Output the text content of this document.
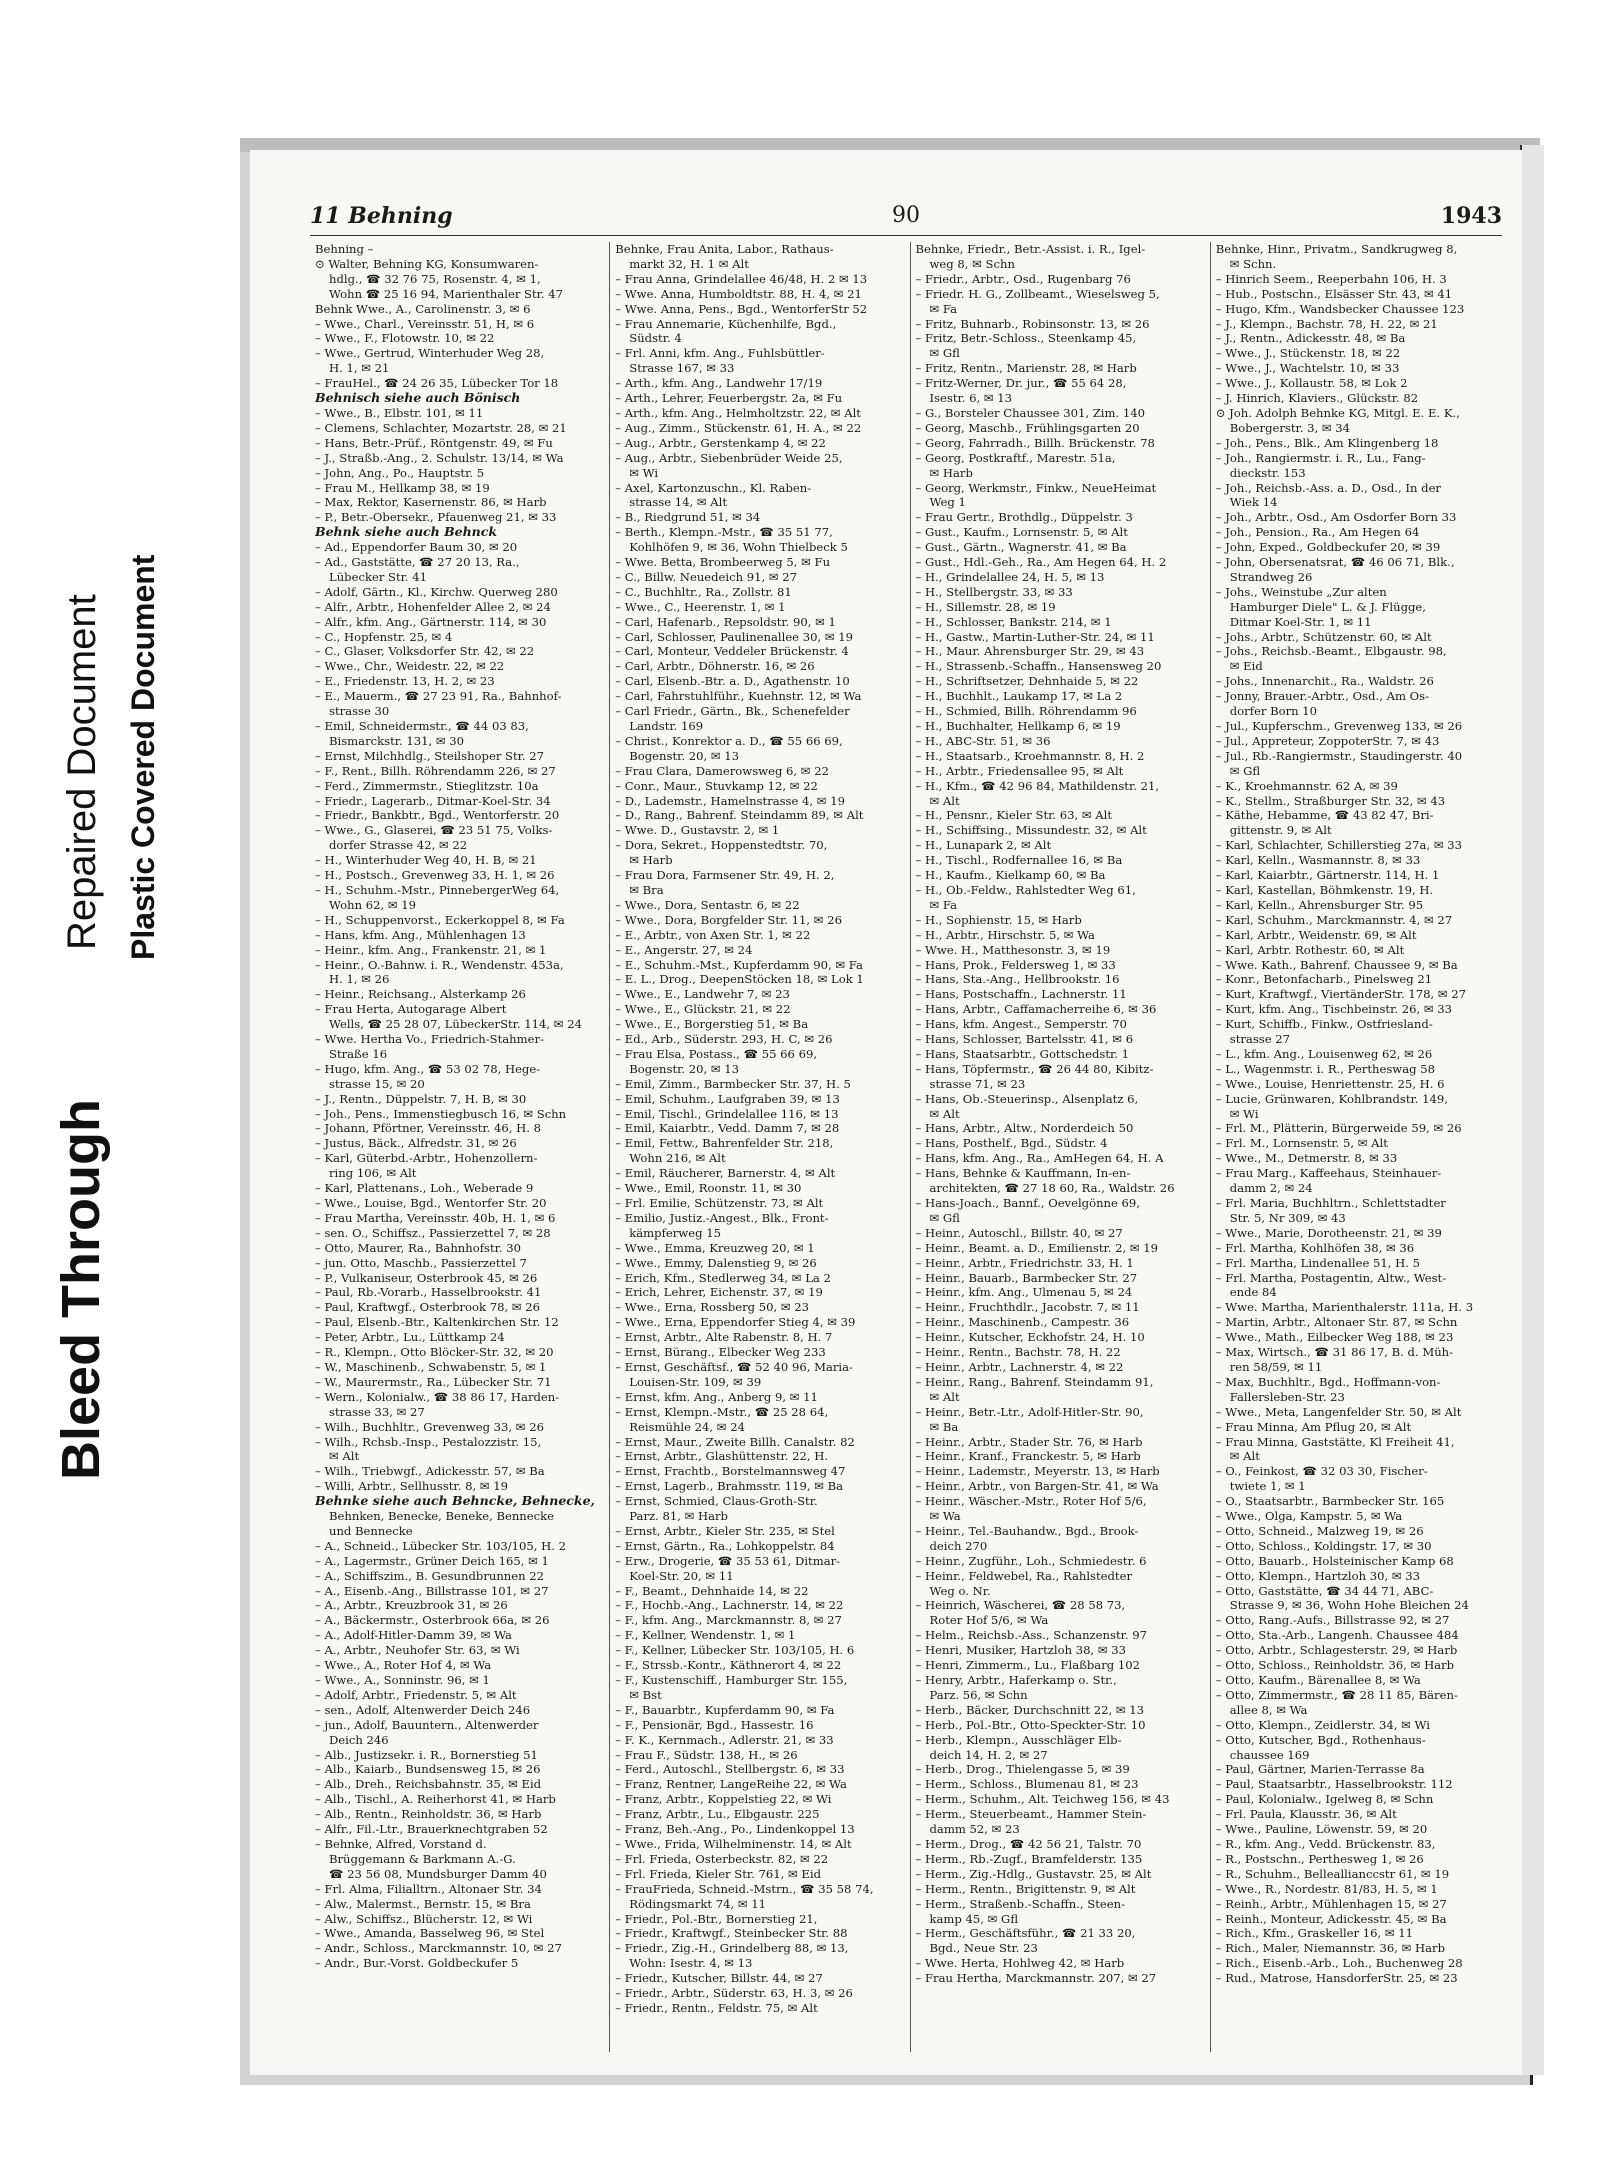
Bleed Through
Repaired Document Plastic Covered Document
11 Behning	90	1943
Behning –
⊙ Walter, Behning KG, Konsumwaren-
hdlg., ☎ 32 76 75, Rosenstr. 4, ✉ 1,
Wohn ☎ 25 16 94, Marienthaler Str. 47
Behnk Wwe., A., Carolinenstr. 3, ✉ 6
– Wwe., Charl., Vereinsstr. 51, H, ✉ 6
– Wwe., F., Flotowstr. 10, ✉ 22
– Wwe., Gertrud, Winterhuder Weg 28,
H. 1, ✉ 21
– FrauHel., ☎ 24 26 35, Lübecker Tor 18
Behnisch siehe auch Bönisch
– Wwe., B., Elbstr. 101, ✉ 11
– Clemens, Schlachter, Mozartstr. 28, ✉ 21
– Hans, Betr.-Prüf., Röntgenstr. 49, ✉ Fu
– J., Straßb.-Ang., 2. Schulstr. 13/14, ✉ Wa
– John, Ang., Po., Hauptstr. 5
– Frau M., Hellkamp 38, ✉ 19
– Max, Rektor, Kasernenstr. 86, ✉ Harb
– P., Betr.-Obersekr., Pfauenweg 21, ✉ 33
Behnk siehe auch Behnck
– Ad., Eppendorfer Baum 30, ✉ 20
– Ad., Gaststätte, ☎ 27 20 13, Ra.,
Lübecker Str. 41
– Adolf, Gärtn., Kl., Kirchw. Querweg 280
– Alfr., Arbtr., Hohenfelder Allee 2, ✉ 24
– Alfr., kfm. Ang., Gärtnerstr. 114, ✉ 30
– C., Hopfenstr. 25, ✉ 4
– C., Glaser, Volksdorfer Str. 42, ✉ 22
– Wwe., Chr., Weidestr. 22, ✉ 22
– E., Friedenstr. 13, H. 2, ✉ 23
– E., Mauerm., ☎ 27 23 91, Ra., Bahnhof-
strasse 30
– Emil, Schneidermstr., ☎ 44 03 83,
Bismarckstr. 131, ✉ 30
– Ernst, Milchhdlg., Steilshoper Str. 27
– F., Rent., Billh. Röhrendamm 226, ✉ 27
– Ferd., Zimmermstr., Stieglitzstr. 10a
– Friedr., Lagerarb., Ditmar-Koel-Str. 34
– Friedr., Bankbtr., Bgd., Wentorferstr. 20
– Wwe., G., Glaserei, ☎ 23 51 75, Volks-
dorfer Strasse 42, ✉ 22
– H., Winterhuder Weg 40, H. B, ✉ 21
– H., Postsch., Grevenweg 33, H. 1, ✉ 26
– H., Schuhm.-Mstr., PinnebergerWeg 64,
Wohn 62, ✉ 19
– H., Schuppenvorst., Eckerkoppel 8, ✉ Fa
– Hans, kfm. Ang., Mühlenhagen 13
– Heinr., kfm. Ang., Frankenstr. 21, ✉ 1
– Heinr., O.-Bahnw. i. R., Wendenstr. 453a,
H. 1, ✉ 26
– Heinr., Reichsang., Alsterkamp 26
– Frau Herta, Autogarage Albert
Wells, ☎ 25 28 07, LübeckerStr. 114, ✉ 24
– Wwe. Hertha Vo., Friedrich-Stahmer-
Straße 16
– Hugo, kfm. Ang., ☎ 53 02 78, Hege-
strasse 15, ✉ 20
– J., Rentn., Düppelstr. 7, H. B, ✉ 30
– Joh., Pens., Immenstiegbusch 16, ✉ Schn
– Johann, Pförtner, Vereinsstr. 46, H. 8
– Justus, Bäck., Alfredstr. 31, ✉ 26
– Karl, Güterbd.-Arbtr., Hohenzollern-
ring 106, ✉ Alt
– Karl, Plattenans., Loh., Weberade 9
– Wwe., Louise, Bgd., Wentorfer Str. 20
– Frau Martha, Vereinsstr. 40b, H. 1, ✉ 6
– sen. O., Schiffsz., Passierzettel 7, ✉ 28
– Otto, Maurer, Ra., Bahnhofstr. 30
– jun. Otto, Maschb., Passierzettel 7
– P., Vulkaniseur, Osterbrook 45, ✉ 26
– Paul, Rb.-Vorarb., Hasselbrookstr. 41
– Paul, Kraftwgf., Osterbrook 78, ✉ 26
– Paul, Elsenb.-Btr., Kaltenkirchen Str. 12
– Peter, Arbtr., Lu., Lüttkamp 24
– R., Klempn., Otto Blöcker-Str. 32, ✉ 20
– W., Maschinenb., Schwabenstr. 5, ✉ 1
– W., Maurermstr., Ra., Lübecker Str. 71
– Wern., Kolonialw., ☎ 38 86 17, Harden-
strasse 33, ✉ 27
– Wilh., Buchhltr., Grevenweg 33, ✉ 26
– Wilh., Rchsb.-Insp., Pestalozzistr. 15,
✉ Alt
– Wilh., Triebwgf., Adickesstr. 57, ✉ Ba
– Willi, Arbtr., Sellhusstr. 8, ✉ 19
Behnke siehe auch Behncke, Behnecke,
Behnken, Benecke, Beneke, Bennecke
und Bennecke
– A., Schneid., Lübecker Str. 103/105, H. 2
– A., Lagermstr., Grüner Deich 165, ✉ 1
– A., Schiffszim., B. Gesundbrunnen 22
– A., Eisenb.-Ang., Billstrasse 101, ✉ 27
– A., Arbtr., Kreuzbrook 31, ✉ 26
– A., Bäckermstr., Osterbrook 66a, ✉ 26
– A., Adolf-Hitler-Damm 39, ✉ Wa
– A., Arbtr., Neuhofer Str. 63, ✉ Wi
– Wwe., A., Roter Hof 4, ✉ Wa
– Wwe., A., Sonninstr. 96, ✉ 1
– Adolf, Arbtr., Friedenstr. 5, ✉ Alt
– sen., Adolf, Altenwerder Deich 246
– jun., Adolf, Bauuntern., Altenwerder
Deich 246
– Alb., Justizsekr. i. R., Bornerstieg 51
– Alb., Kaiarb., Bundsensweg 15, ✉ 26
– Alb., Dreh., Reichsbahnstr. 35, ✉ Eid
– Alb., Tischl., A. Reiherhorst 41, ✉ Harb
– Alb., Rentn., Reinholdstr. 36, ✉ Harb
– Alfr., Fil.-Ltr., Brauerknechtgraben 52
– Behnke, Alfred, Vorstand d.
Brüggemann & Barkmann A.-G.
☎ 23 56 08, Mundsburger Damm 40
– Frl. Alma, Filialltrn., Altonaer Str. 34
– Alw., Malermst., Bernstr. 15, ✉ Bra
– Alw., Schiffsz., Blücherstr. 12, ✉ Wi
– Wwe., Amanda, Basselweg 96, ✉ Stel
– Andr., Schloss., Marckmannstr. 10, ✉ 27
– Andr., Bur.-Vorst. Goldbeckufer 5
Behnke, Frau Anita, Labor., Rathaus-
markt 32, H. 1 ✉ Alt
– Frau Anna, Grindelallee 46/48, H. 2 ✉ 13
– Wwe. Anna, Humboldtstr. 88, H. 4, ✉ 21
– Wwe. Anna, Pens., Bgd., WentorferStr 52
– Frau Annemarie, Küchenhilfe, Bgd.,
Südstr. 4
– Frl. Anni, kfm. Ang., Fuhlsbüttler-
Strasse 167, ✉ 33
– Arth., kfm. Ang., Landwehr 17/19
– Arth., Lehrer, Feuerbergstr. 2a, ✉ Fu
– Arth., kfm. Ang., Helmholtzstr. 22, ✉ Alt
– Aug., Zimm., Stückenstr. 61, H. A., ✉ 22
– Aug., Arbtr., Gerstenkamp 4, ✉ 22
– Aug., Arbtr., Siebenbrüder Weide 25,
✉ Wi
– Axel, Kartonzuschn., Kl. Raben-
strasse 14, ✉ Alt
– B., Riedgrund 51, ✉ 34
– Berth., Klempn.-Mstr., ☎ 35 51 77,
Kohlhöfen 9, ✉ 36, Wohn Thielbeck 5
– Wwe. Betta, Brombeerweg 5, ✉ Fu
– C., Billw. Neuedeich 91, ✉ 27
– C., Buchhltr., Ra., Zollstr. 81
– Wwe., C., Heerenstr. 1, ✉ 1
– Carl, Hafenarb., Repsoldstr. 90, ✉ 1
– Carl, Schlosser, Paulinenallee 30, ✉ 19
– Carl, Monteur, Veddeler Brückenstr. 4
– Carl, Arbtr., Döhnerstr. 16, ✉ 26
– Carl, Elsenb.-Btr. a. D., Agathenstr. 10
– Carl, Fahrstuhlführ., Kuehnstr. 12, ✉ Wa
– Carl Friedr., Gärtn., Bk., Schenefelder
Landstr. 169
– Christ., Konrektor a. D., ☎ 55 66 69,
Bogenstr. 20, ✉ 13
– Frau Clara, Damerowsweg 6, ✉ 22
– Conr., Maur., Stuvkamp 12, ✉ 22
– D., Lademstr., Hamelnstrasse 4, ✉ 19
– D., Rang., Bahrenf. Steindamm 89, ✉ Alt
– Wwe. D., Gustavstr. 2, ✉ 1
– Dora, Sekret., Hoppenstedtstr. 70,
✉ Harb
– Frau Dora, Farmsener Str. 49, H. 2,
✉ Bra
– Wwe., Dora, Sentastr. 6, ✉ 22
– Wwe., Dora, Borgfelder Str. 11, ✉ 26
– E., Arbtr., von Axen Str. 1, ✉ 22
– E., Angerstr. 27, ✉ 24
– E., Schuhm.-Mst., Kupferdamm 90, ✉ Fa
– E. L., Drog., DeepenStöcken 18, ✉ Lok 1
– Wwe., E., Landwehr 7, ✉ 23
– Wwe., E., Glückstr. 21, ✉ 22
– Wwe., E., Borgerstieg 51, ✉ Ba
– Ed., Arb., Süderstr. 293, H. C, ✉ 26
– Frau Elsa, Postass., ☎ 55 66 69,
Bogenstr. 20, ✉ 13
– Emil, Zimm., Barmbecker Str. 37, H. 5
– Emil, Schuhm., Laufgraben 39, ✉ 13
– Emil, Tischl., Grindelallee 116, ✉ 13
– Emil, Kaiarbtr., Vedd. Damm 7, ✉ 28
– Emil, Fettw., Bahrenfelder Str. 218,
Wohn 216, ✉ Alt
– Emil, Räucherer, Barnerstr. 4, ✉ Alt
– Wwe., Emil, Roonstr. 11, ✉ 30
– Frl. Emilie, Schützenstr. 73, ✉ Alt
– Emilio, Justiz.-Angest., Blk., Front-
kämpferweg 15
– Wwe., Emma, Kreuzweg 20, ✉ 1
– Wwe., Emmy, Dalenstieg 9, ✉ 26
– Erich, Kfm., Stedlerweg 34, ✉ La 2
– Erich, Lehrer, Eichenstr. 37, ✉ 19
– Wwe., Erna, Rossberg 50, ✉ 23
– Wwe., Erna, Eppendorfer Stieg 4, ✉ 39
– Ernst, Arbtr., Alte Rabenstr. 8, H. 7
– Ernst, Bürang., Elbecker Weg 233
– Ernst, Geschäftsf., ☎ 52 40 96, Maria-
Louisen-Str. 109, ✉ 39
– Ernst, kfm. Ang., Anberg 9, ✉ 11
– Ernst, Klempn.-Mstr., ☎ 25 28 64,
Reismühle 24, ✉ 24
– Ernst, Maur., Zweite Billh. Canalstr. 82
– Ernst, Arbtr., Glashüttenstr. 22, H.
– Ernst, Frachtb., Borstelmannsweg 47
– Ernst, Lagerb., Brahmsstr. 119, ✉ Ba
– Ernst, Schmied, Claus-Groth-Str.
Parz. 81, ✉ Harb
– Ernst, Arbtr., Kieler Str. 235, ✉ Stel
– Ernst, Gärtn., Ra., Lohkoppelstr. 84
– Erw., Drogerie, ☎ 35 53 61, Ditmar-
Koel-Str. 20, ✉ 11
– F., Beamt., Dehnhaide 14, ✉ 22
– F., Hochb.-Ang., Lachnerstr. 14, ✉ 22
– F., kfm. Ang., Marckmannstr. 8, ✉ 27
– F., Kellner, Wendenstr. 1, ✉ 1
– F., Kellner, Lübecker Str. 103/105, H. 6
– F., Strssb.-Kontr., Käthnerort 4, ✉ 22
– F., Kustenschiff., Hamburger Str. 155,
✉ Bst
– F., Bauarbtr., Kupferdamm 90, ✉ Fa
– F., Pensionär, Bgd., Hassestr. 16
– F. K., Kernmach., Adlerstr. 21, ✉ 33
– Frau F., Südstr. 138, H., ✉ 26
– Ferd., Autoschl., Stellbergstr. 6, ✉ 33
– Franz, Rentner, LangeReihe 22, ✉ Wa
– Franz, Arbtr., Koppelstieg 22, ✉ Wi
– Franz, Arbtr., Lu., Elbgaustr. 225
– Franz, Beh.-Ang., Po., Lindenkoppel 13
– Wwe., Frida, Wilhelminenstr. 14, ✉ Alt
– Frl. Frieda, Osterbeckstr. 82, ✉ 22
– Frl. Frieda, Kieler Str. 761, ✉ Eid
– FrauFrieda, Schneid.-Mstrn., ☎ 35 58 74,
Rödingsmarkt 74, ✉ 11
– Friedr., Pol.-Btr., Bornerstieg 21,
– Friedr., Kraftwgf., Steinbecker Str. 88
– Friedr., Zig.-H., Grindelberg 88, ✉ 13,
Wohn: Isestr. 4, ✉ 13
– Friedr., Kutscher, Billstr. 44, ✉ 27
– Friedr., Arbtr., Süderstr. 63, H. 3, ✉ 26
– Friedr., Rentn., Feldstr. 75, ✉ Alt
Behnke, Friedr., Betr.-Assist. i. R., Igel-
weg 8, ✉ Schn
– Friedr., Arbtr., Osd., Rugenbarg 76
– Friedr. H. G., Zollbeamt., Wieselsweg 5,
✉ Fa
– Fritz, Buhnarb., Robinsonstr. 13, ✉ 26
– Fritz, Betr.-Schloss., Steenkamp 45,
✉ Gfl
– Fritz, Rentn., Marienstr. 28, ✉ Harb
– Fritz-Werner, Dr. jur., ☎ 55 64 28,
Isestr. 6, ✉ 13
– G., Borsteler Chaussee 301, Zim. 140
– Georg, Maschb., Frühlingsgarten 20
– Georg, Fahrradh., Billh. Brückenstr. 78
– Georg, Postkraftf., Marestr. 51a,
✉ Harb
– Georg, Werkmstr., Finkw., NeueHeimat
Weg 1
– Frau Gertr., Brothdlg., Düppelstr. 3
– Gust., Kaufm., Lornsenstr. 5, ✉ Alt
– Gust., Gärtn., Wagnerstr. 41, ✉ Ba
– Gust., Hdl.-Geh., Ra., Am Hegen 64, H. 2
– H., Grindelallee 24, H. 5, ✉ 13
– H., Stellbergstr. 33, ✉ 33
– H., Sillemstr. 28, ✉ 19
– H., Schlosser, Bankstr. 214, ✉ 1
– H., Gastw., Martin-Luther-Str. 24, ✉ 11
– H., Maur. Ahrensburger Str. 29, ✉ 43
– H., Strassenb.-Schaffn., Hansensweg 20
– H., Schriftsetzer, Dehnhaide 5, ✉ 22
– H., Buchhlt., Laukamp 17, ✉ La 2
– H., Schmied, Billh. Röhrendamm 96
– H., Buchhalter, Hellkamp 6, ✉ 19
– H., ABC-Str. 51, ✉ 36
– H., Staatsarb., Kroehmannstr. 8, H. 2
– H., Arbtr., Friedensallee 95, ✉ Alt
– H., Kfm., ☎ 42 96 84, Mathildenstr. 21,
✉ Alt
– H., Pensnr., Kieler Str. 63, ✉ Alt
– H., Schiffsing., Missundestr. 32, ✉ Alt
– H., Lunapark 2, ✉ Alt
– H., Tischl., Rodfernallee 16, ✉ Ba
– H., Kaufm., Kielkamp 60, ✉ Ba
– H., Ob.-Feldw., Rahlstedter Weg 61,
✉ Fa
– H., Sophienstr. 15, ✉ Harb
– H., Arbtr., Hirschstr. 5, ✉ Wa
– Wwe. H., Matthesonstr. 3, ✉ 19
– Hans, Prok., Feldersweg 1, ✉ 33
– Hans, Sta.-Ang., Hellbrookstr. 16
– Hans, Postschaffn., Lachnerstr. 11
– Hans, Arbtr., Caffamacherreihe 6, ✉ 36
– Hans, kfm. Angest., Semperstr. 70
– Hans, Schlosser, Bartelsstr. 41, ✉ 6
– Hans, Staatsarbtr., Gottschedstr. 1
– Hans, Töpfermstr., ☎ 26 44 80, Kibitz-
strasse 71, ✉ 23
– Hans, Ob.-Steuerinsp., Alsenplatz 6,
✉ Alt
– Hans, Arbtr., Altw., Norderdeich 50
– Hans, Posthelf., Bgd., Südstr. 4
– Hans, kfm. Ang., Ra., AmHegen 64, H. A
– Hans, Behnke & Kauffmann, In-en-
architekten, ☎ 27 18 60, Ra., Waldstr. 26
– Hans-Joach., Bannf., Oevelgönne 69,
✉ Gfl
– Heinr., Autoschl., Billstr. 40, ✉ 27
– Heinr., Beamt. a. D., Emilienstr. 2, ✉ 19
– Heinr., Arbtr., Friedrichstr. 33, H. 1
– Heinr., Bauarb., Barmbecker Str. 27
– Heinr., kfm. Ang., Ulmenau 5, ✉ 24
– Heinr., Fruchthdlr., Jacobstr. 7, ✉ 11
– Heinr., Maschinenb., Campestr. 36
– Heinr., Kutscher, Eckhofstr. 24, H. 10
– Heinr., Rentn., Bachstr. 78, H. 22
– Heinr., Arbtr., Lachnerstr. 4, ✉ 22
– Heinr., Rang., Bahrenf. Steindamm 91,
✉ Alt
– Heinr., Betr.-Ltr., Adolf-Hitler-Str. 90,
✉ Ba
– Heinr., Arbtr., Stader Str. 76, ✉ Harb
– Heinr., Kranf., Franckestr. 5, ✉ Harb
– Heinr., Lademstr., Meyerstr. 13, ✉ Harb
– Heinr., Arbtr., von Bargen-Str. 41, ✉ Wa
– Heinr., Wäscher.-Mstr., Roter Hof 5/6,
✉ Wa
– Heinr., Tel.-Bauhandw., Bgd., Brook-
deich 270
– Heinr., Zugführ., Loh., Schmiedestr. 6
– Heinr., Feldwebel, Ra., Rahlstedter
Weg o. Nr.
– Heinrich, Wäscherei, ☎ 28 58 73,
Roter Hof 5/6, ✉ Wa
– Helm., Reichsb.-Ass., Schanzenstr. 97
– Henri, Musiker, Hartzloh 38, ✉ 33
– Henri, Zimmerm., Lu., Flaßbarg 102
– Henry, Arbtr., Haferkamp o. Str.,
Parz. 56, ✉ Schn
– Herb., Bäcker, Durchschnitt 22, ✉ 13
– Herb., Pol.-Btr., Otto-Speckter-Str. 10
– Herb., Klempn., Ausschläger Elb-
deich 14, H. 2, ✉ 27
– Herb., Drog., Thielengasse 5, ✉ 39
– Herm., Schloss., Blumenau 81, ✉ 23
– Herm., Schuhm., Alt. Teichweg 156, ✉ 43
– Herm., Steuerbeamt., Hammer Stein-
damm 52, ✉ 23
– Herm., Drog., ☎ 42 56 21, Talstr. 70
– Herm., Rb.-Zugf., Bramfelderstr. 135
– Herm., Zig.-Hdlg., Gustavstr. 25, ✉ Alt
– Herm., Rentn., Brigittenstr. 9, ✉ Alt
– Herm., Straßenb.-Schaffn., Steen-
kamp 45, ✉ Gfl
– Herm., Geschäftsführ., ☎ 21 33 20,
Bgd., Neue Str. 23
– Wwe. Herta, Hohlweg 42, ✉ Harb
– Frau Hertha, Marckmannstr. 207, ✉ 27
Behnke, Hinr., Privatm., Sandkrugweg 8,
✉ Schn.
– Hinrich Seem., Reeperbahn 106, H. 3
– Hub., Postschn., Elsässer Str. 43, ✉ 41
– Hugo, Kfm., Wandsbecker Chaussee 123
– J., Klempn., Bachstr. 78, H. 22, ✉ 21
– J., Rentn., Adickesstr. 48, ✉ Ba
– Wwe., J., Stückenstr. 18, ✉ 22
– Wwe., J., Wachtelstr. 10, ✉ 33
– Wwe., J., Kollaustr. 58, ✉ Lok 2
– J. Hinrich, Klaviers., Glückstr. 82
⊙ Joh. Adolph Behnke KG, Mitgl. E. E. K.,
Bobergerstr. 3, ✉ 34
– Joh., Pens., Blk., Am Klingenberg 18
– Joh., Rangiermstr. i. R., Lu., Fang-
dieckstr. 153
– Joh., Reichsb.-Ass. a. D., Osd., In der
Wiek 14
– Joh., Arbtr., Osd., Am Osdorfer Born 33
– Joh., Pension., Ra., Am Hegen 64
– John, Exped., Goldbeckufer 20, ✉ 39
– John, Obersenatsrat, ☎ 46 06 71, Blk.,
Strandweg 26
– Johs., Weinstube „Zur alten
Hamburger Diele" L. & J. Flügge,
Ditmar Koel-Str. 1, ✉ 11
– Johs., Arbtr., Schützenstr. 60, ✉ Alt
– Johs., Reichsb.-Beamt., Elbgaustr. 98,
✉ Eid
– Johs., Innenarchit., Ra., Waldstr. 26
– Jonny, Brauer.-Arbtr., Osd., Am Os-
dorfer Born 10
– Jul., Kupferschm., Grevenweg 133, ✉ 26
– Jul., Appreteur, ZoppoterStr. 7, ✉ 43
– Jul., Rb.-Rangiermstr., Staudingerstr. 40
✉ Gfl
– K., Kroehmannstr. 62 A, ✉ 39
– K., Stellm., Straßburger Str. 32, ✉ 43
– Käthe, Hebamme, ☎ 43 82 47, Bri-
gittenstr. 9, ✉ Alt
– Karl, Schlachter, Schillerstieg 27a, ✉ 33
– Karl, Kelln., Wasmannstr. 8, ✉ 33
– Karl, Kaiarbtr., Gärtnerstr. 114, H. 1
– Karl, Kastellan, Böhmkenstr. 19, H.
– Karl, Kelln., Ahrensburger Str. 95
– Karl, Schuhm., Marckmannstr. 4, ✉ 27
– Karl, Arbtr., Weidenstr. 69, ✉ Alt
– Karl, Arbtr. Rothestr. 60, ✉ Alt
– Wwe. Kath., Bahrenf. Chaussee 9, ✉ Ba
– Konr., Betonfacharb., Pinelsweg 21
– Kurt, Kraftwgf., ViertänderStr. 178, ✉ 27
– Kurt, kfm. Ang., Tischbeinstr. 26, ✉ 33
– Kurt, Schiffb., Finkw., Ostfriesland-
strasse 27
– L., kfm. Ang., Louisenweg 62, ✉ 26
– L., Wagenmstr. i. R., Pertheswag 58
– Wwe., Louise, Henriettenstr. 25, H. 6
– Lucie, Grünwaren, Kohlbrandstr. 149,
✉ Wi
– Frl. M., Plätterin, Bürgerweide 59, ✉ 26
– Frl. M., Lornsenstr. 5, ✉ Alt
– Wwe., M., Detmerstr. 8, ✉ 33
– Frau Marg., Kaffeehaus, Steinhauer-
damm 2, ✉ 24
– Frl. Maria, Buchhltrn., Schlettstadter
Str. 5, Nr 309, ✉ 43
– Wwe., Marie, Dorotheenstr. 21, ✉ 39
– Frl. Martha, Kohlhöfen 38, ✉ 36
– Frl. Martha, Lindenallee 51, H. 5
– Frl. Martha, Postagentin, Altw., West-
ende 84
– Wwe. Martha, Marienthalerstr. 111a, H. 3
– Martin, Arbtr., Altonaer Str. 87, ✉ Schn
– Wwe., Math., Eilbecker Weg 188, ✉ 23
– Max, Wirtsch., ☎ 31 86 17, B. d. Müh-
ren 58/59, ✉ 11
– Max, Buchhltr., Bgd., Hoffmann-von-
Fallersleben-Str. 23
– Wwe., Meta, Langenfelder Str. 50, ✉ Alt
– Frau Minna, Am Pflug 20, ✉ Alt
– Frau Minna, Gaststätte, Kl Freiheit 41,
✉ Alt
– O., Feinkost, ☎ 32 03 30, Fischer-
twiete 1, ✉ 1
– O., Staatsarbtr., Barmbecker Str. 165
– Wwe., Olga, Kampstr. 5, ✉ Wa
– Otto, Schneid., Malzweg 19, ✉ 26
– Otto, Schloss., Koldingstr. 17, ✉ 30
– Otto, Bauarb., Holsteinischer Kamp 68
– Otto, Klempn., Hartzloh 30, ✉ 33
– Otto, Gaststätte, ☎ 34 44 71, ABC-
Strasse 9, ✉ 36, Wohn Hohe Bleichen 24
– Otto, Rang.-Aufs., Billstrasse 92, ✉ 27
– Otto, Sta.-Arb., Langenh. Chaussee 484
– Otto, Arbtr., Schlagesterstr. 29, ✉ Harb
– Otto, Schloss., Reinholdstr. 36, ✉ Harb
– Otto, Kaufm., Bärenallee 8, ✉ Wa
– Otto, Zimmermstr., ☎ 28 11 85, Bären-
allee 8, ✉ Wa
– Otto, Klempn., Zeidlerstr. 34, ✉ Wi
– Otto, Kutscher, Bgd., Rothenhaus-
chaussee 169
– Paul, Gärtner, Marien-Terrasse 8a
– Paul, Staatsarbtr., Hasselbrookstr. 112
– Paul, Kolonialw., Igelweg 8, ✉ Schn
– Frl. Paula, Klausstr. 36, ✉ Alt
– Wwe., Pauline, Löwenstr. 59, ✉ 20
– R., kfm. Ang., Vedd. Brückenstr. 83,
– R., Postschn., Perthesweg 1, ✉ 26
– R., Schuhm., Belleallianccstr 61, ✉ 19
– Wwe., R., Nordestr. 81/83, H. 5, ✉ 1
– Reinh., Arbtr., Mühlenhagen 15, ✉ 27
– Reinh., Monteur, Adickesstr. 45, ✉ Ba
– Rich., Kfm., Graskeller 16, ✉ 11
– Rich., Maler, Niemannstr. 36, ✉ Harb
– Rich., Eisenb.-Arb., Loh., Buchenweg 28
– Rud., Matrose, HansdorferStr. 25, ✉ 23
